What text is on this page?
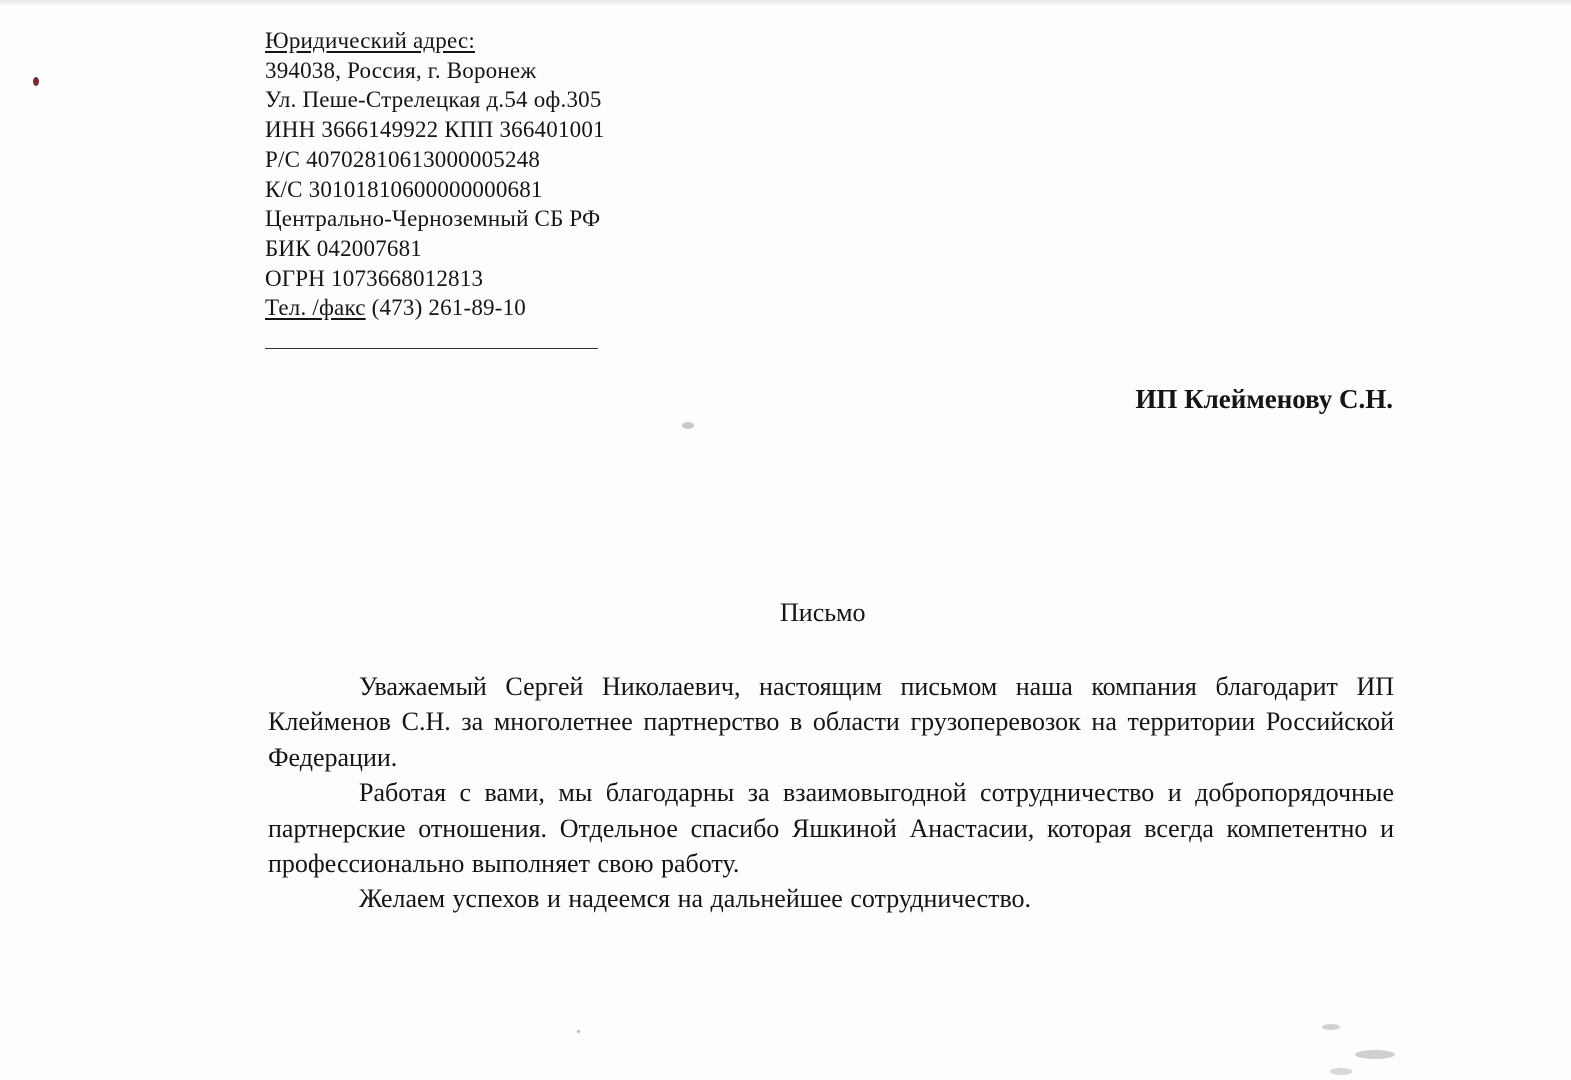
Юридический адрес:
394038, Россия, г. Воронеж
Ул. Пеше-Стрелецкая д.54 оф.305
ИНН 3666149922 КПП 366401001
Р/С 40702810613000005248
К/С 30101810600000000681
Центрально-Черноземный СБ РФ
БИК 042007681
ОГРН 1073668012813
Тел. /факс (473) 261-89-10
ИП Клейменову С.Н.
Письмо

Уважаемый Сергей Николаевич, настоящим письмом наша компания благодарит ИП Клейменов С.Н. за многолетнее партнерство в области грузоперевозок на территории Российской Федерации.

Работая с вами, мы благодарны за взаимовыгодной сотрудничество и добропорядочные партнерские отношения. Отдельное спасибо Яшкиной Анастасии, которая всегда компетентно и профессионально выполняет свою работу.

Желаем успехов и надеемся на дальнейшее сотрудничество.
